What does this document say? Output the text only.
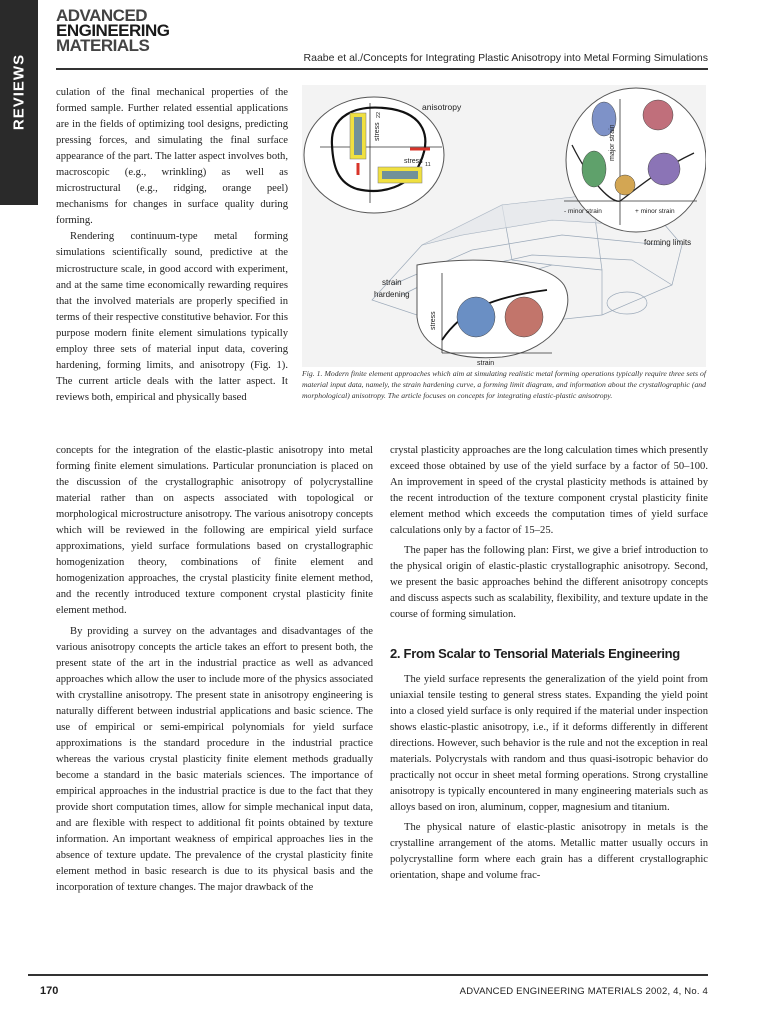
REVIEWS
ADVANCED
ENGINEERING
MATERIALS
Raabe et al./Concepts for Integrating Plastic Anisotropy into Metal Forming Simulations

culation of the final mechanical properties of the formed sample. Further related essential applications are in the fields of optimizing tool designs, predicting pressing forces, and simulating the final surface appearance of the part. The latter aspect involves both, macroscopic (e.g., wrinkling) as well as microstructural (e.g., ridging, orange peel) mechanisms for changes in surface quality during forming.

Rendering continuum-type metal forming simulations scientifically sound, predictive at the microstructure scale, in good accord with experiment, and at the same time economically rewarding requires that the involved materials are properly specified in terms of their respective constitutive behavior. For this purpose modern finite element simulations typically employ three sets of material input data, covering hardening, forming limits, and anisotropy (Fig. 1). The current article deals with the latter aspect. It reviews both, empirical and physically based

anisotropy
stress
22
stress 11
major strain
- minor strain	+ minor strain
forming limits
strain
hardening
stress
strain
Fig. 1. Modern finite element approaches which aim at simulating realistic metal forming operations typically require three sets of material input data, namely, the strain hardening curve, a forming limit diagram, and information about the crystallographic (and morphological) anisotropy. The article focuses on concepts for integrating elastic-plastic anisotropy.

concepts for the integration of the elastic-plastic anisotropy into metal forming finite element simulations. Particular pronunciation is placed on the discussion of the crystallographic anisotropy of polycrystalline material rather than on aspects associated with topological or morphological microstructure anisotropy. The various anisotropy concepts which will be reviewed in the following are empirical yield surface approximations, yield surface formulations based on crystallographic homogenization theory, combinations of finite element and homogenization approaches, the crystal plasticity finite element method, and the recently introduced texture component crystal plasticity finite element method.

By providing a survey on the advantages and disadvantages of the various anisotropy concepts the article takes an effort to present both, the present state of the art in the industrial practice as well as advanced approaches which allow the user to include more of the physics associated with crystalline anisotropy. The present state in anisotropy engineering is naturally different between industrial applications and basic science. The use of empirical or semi-empirical polynomials for yield surface approximations is the standard procedure in the industrial practice whereas the various crystal plasticity finite element methods gradually become a standard in the basic materials sciences. The importance of empirical approaches in the industrial practice is due to the fact that they provide short computation times, allow for simple mechanical input data, and are flexible with respect to additional fit points obtained by texture information. An important weakness of empirical approaches lies in the absence of texture update. The prevalence of the crystal plasticity finite element method in basic research is due to its physical basis and the incorporation of texture changes. The major drawback of the

crystal plasticity approaches are the long calculation times which presently exceed those obtained by use of the yield surface by a factor of 50–100. An improvement in speed of the crystal plasticity methods is attained by the recent introduction of the texture component crystal plasticity finite element method which exceeds the computation times of yield surface calculations only by a factor of 15–25.

The paper has the following plan: First, we give a brief introduction to the physical origin of elastic-plastic crystallographic anisotropy. Second, we present the basic approaches behind the different anisotropy concepts and discuss aspects such as scalability, flexibility, and texture update in the course of forming simulation.

2. From Scalar to Tensorial Materials Engineering

The yield surface represents the generalization of the yield point from uniaxial tensile testing to general stress states. Expanding the yield point into a closed yield surface is only required if the material under inspection shows elastic-plastic anisotropy, i.e., if it deforms differently in different directions. However, such behavior is the rule and not the exception in real materials. Polycrystals with random and thus quasi-isotropic behavior do practically not occur in sheet metal forming operations. Strong crystalline anisotropy is typically encountered in many engineering materials such as alloys based on iron, aluminum, copper, magnesium and titanium.

The physical nature of elastic-plastic anisotropy in metals is the crystalline arrangement of the atoms. Metallic matter usually occurs in polycrystalline form where each grain has a different crystallographic orientation, shape and volume frac-

170	ADVANCED ENGINEERING MATERIALS 2002, 4, No. 4
